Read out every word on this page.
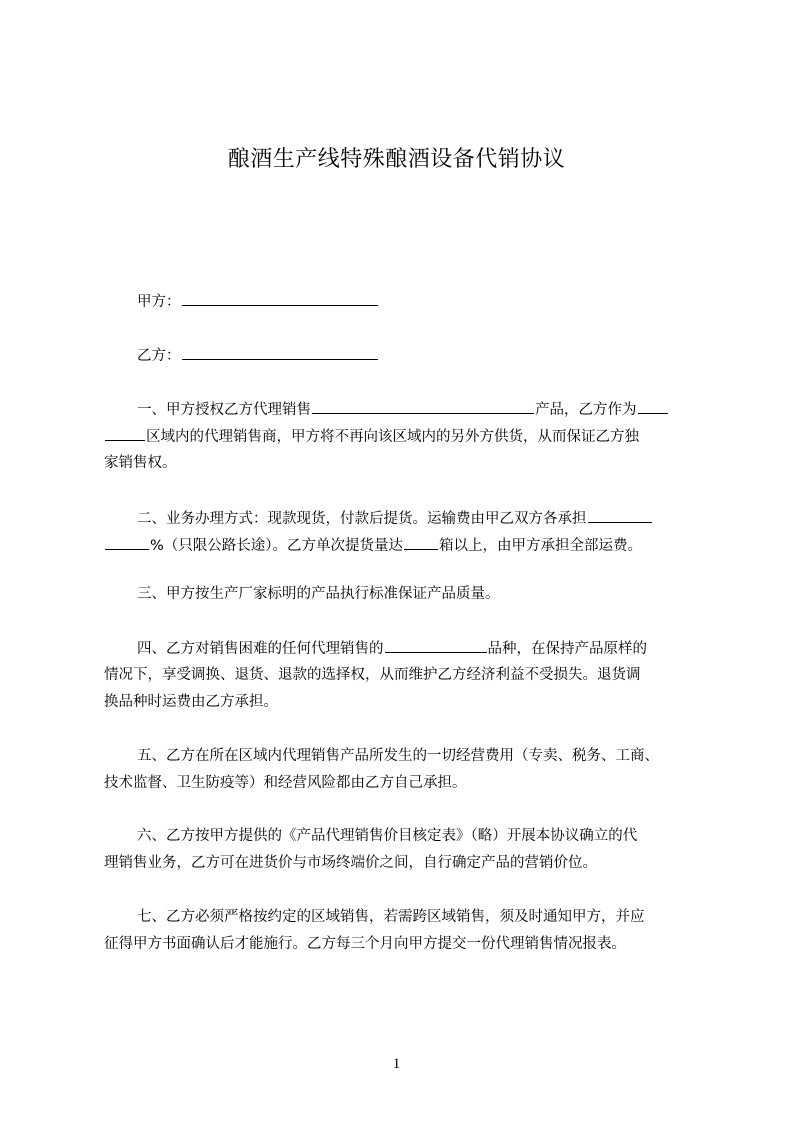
酿酒生产线特殊酿酒设备代销协议
甲方：
乙方：
一、甲方授权乙方代理销售	产品，乙方作为
区域内的代理销售商，甲方将不再向该区域内的另外方供货，从而保证乙方独
家销售权。
二、业务办理方式：现款现货，付款后提货。运输费由甲乙双方各承担
%（只限公路长途）。乙方单次提货量达 箱以上，由甲方承担全部运费。
三、甲方按生产厂家标明的产品执行标准保证产品质量。
四、乙方对销售困难的任何代理销售的	品种，在保持产品原样的
情况下，享受调换、退货、退款的选择权，从而维护乙方经济利益不受损失。退货调
换品种时运费由乙方承担。
五、乙方在所在区域内代理销售产品所发生的一切经营费用（专卖、税务、工商、
技术监督、卫生防疫等）和经营风险都由乙方自己承担。
六、乙方按甲方提供的《产品代理销售价目核定表》（略）开展本协议确立的代
理销售业务，乙方可在进货价与市场终端价之间，自行确定产品的营销价位。
七、乙方必须严格按约定的区域销售，若需跨区域销售，须及时通知甲方，并应
征得甲方书面确认后才能施行。乙方每三个月向甲方提交一份代理销售情况报表。
1
